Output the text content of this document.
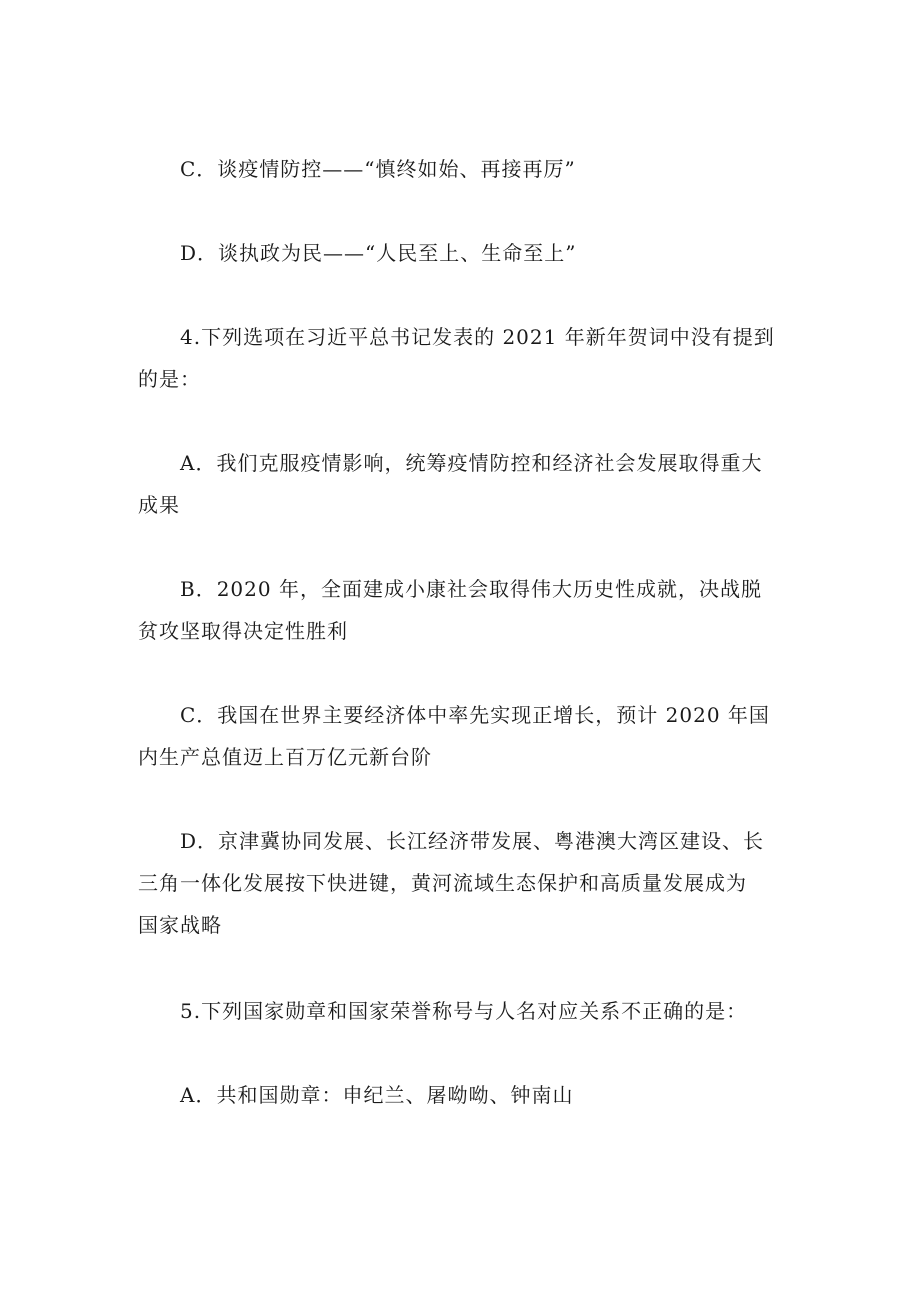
C．谈疫情防控——“慎终如始、再接再厉”

D．谈执政为民——“人民至上、生命至上”

4.下列选项在习近平总书记发表的 2021 年新年贺词中没有提到
的是：

A．我们克服疫情影响，统筹疫情防控和经济社会发展取得重大
成果

B．2020 年，全面建成小康社会取得伟大历史性成就，决战脱
贫攻坚取得决定性胜利

C．我国在世界主要经济体中率先实现正增长，预计 2020 年国
内生产总值迈上百万亿元新台阶

D．京津冀协同发展、长江经济带发展、粤港澳大湾区建设、长
三角一体化发展按下快进键，黄河流域生态保护和高质量发展成为
国家战略

5.下列国家勋章和国家荣誉称号与人名对应关系不正确的是：

A．共和国勋章：申纪兰、屠呦呦、钟南山
